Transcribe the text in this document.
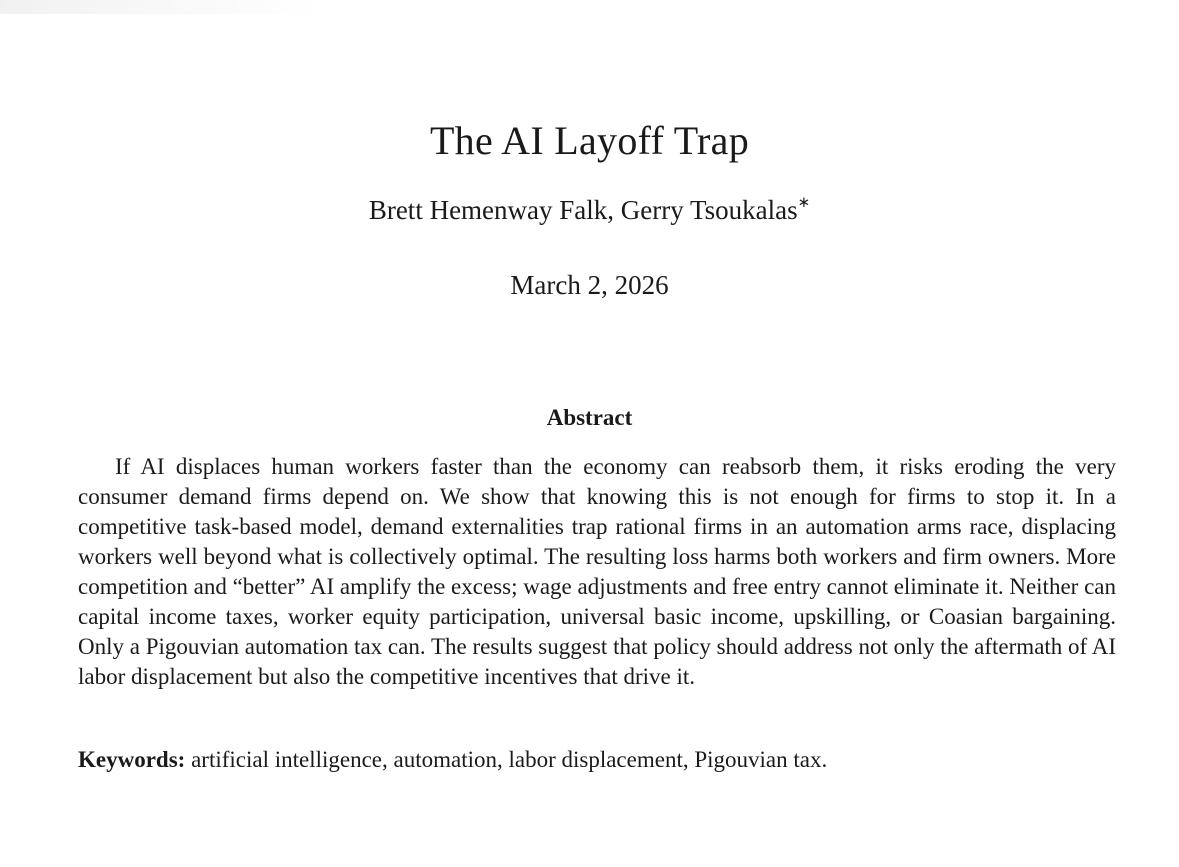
The AI Layoff Trap
Brett Hemenway Falk, Gerry Tsoukalas∗
March 2, 2026
Abstract

If AI displaces human workers faster than the economy can reabsorb them, it risks eroding the very consumer demand firms depend on. We show that knowing this is not enough for firms to stop it. In a competitive task-based model, demand externalities trap rational firms in an automation arms race, displacing workers well beyond what is collectively optimal. The resulting loss harms both workers and firm owners. More competition and “better” AI amplify the excess; wage adjustments and free entry cannot eliminate it. Neither can capital income taxes, worker equity participation, universal basic income, upskilling, or Coasian bargaining. Only a Pigouvian automation tax can. The results suggest that policy should address not only the aftermath of AI labor displacement but also the competitive incentives that drive it.

Keywords: artificial intelligence, automation, labor displacement, Pigouvian tax.
